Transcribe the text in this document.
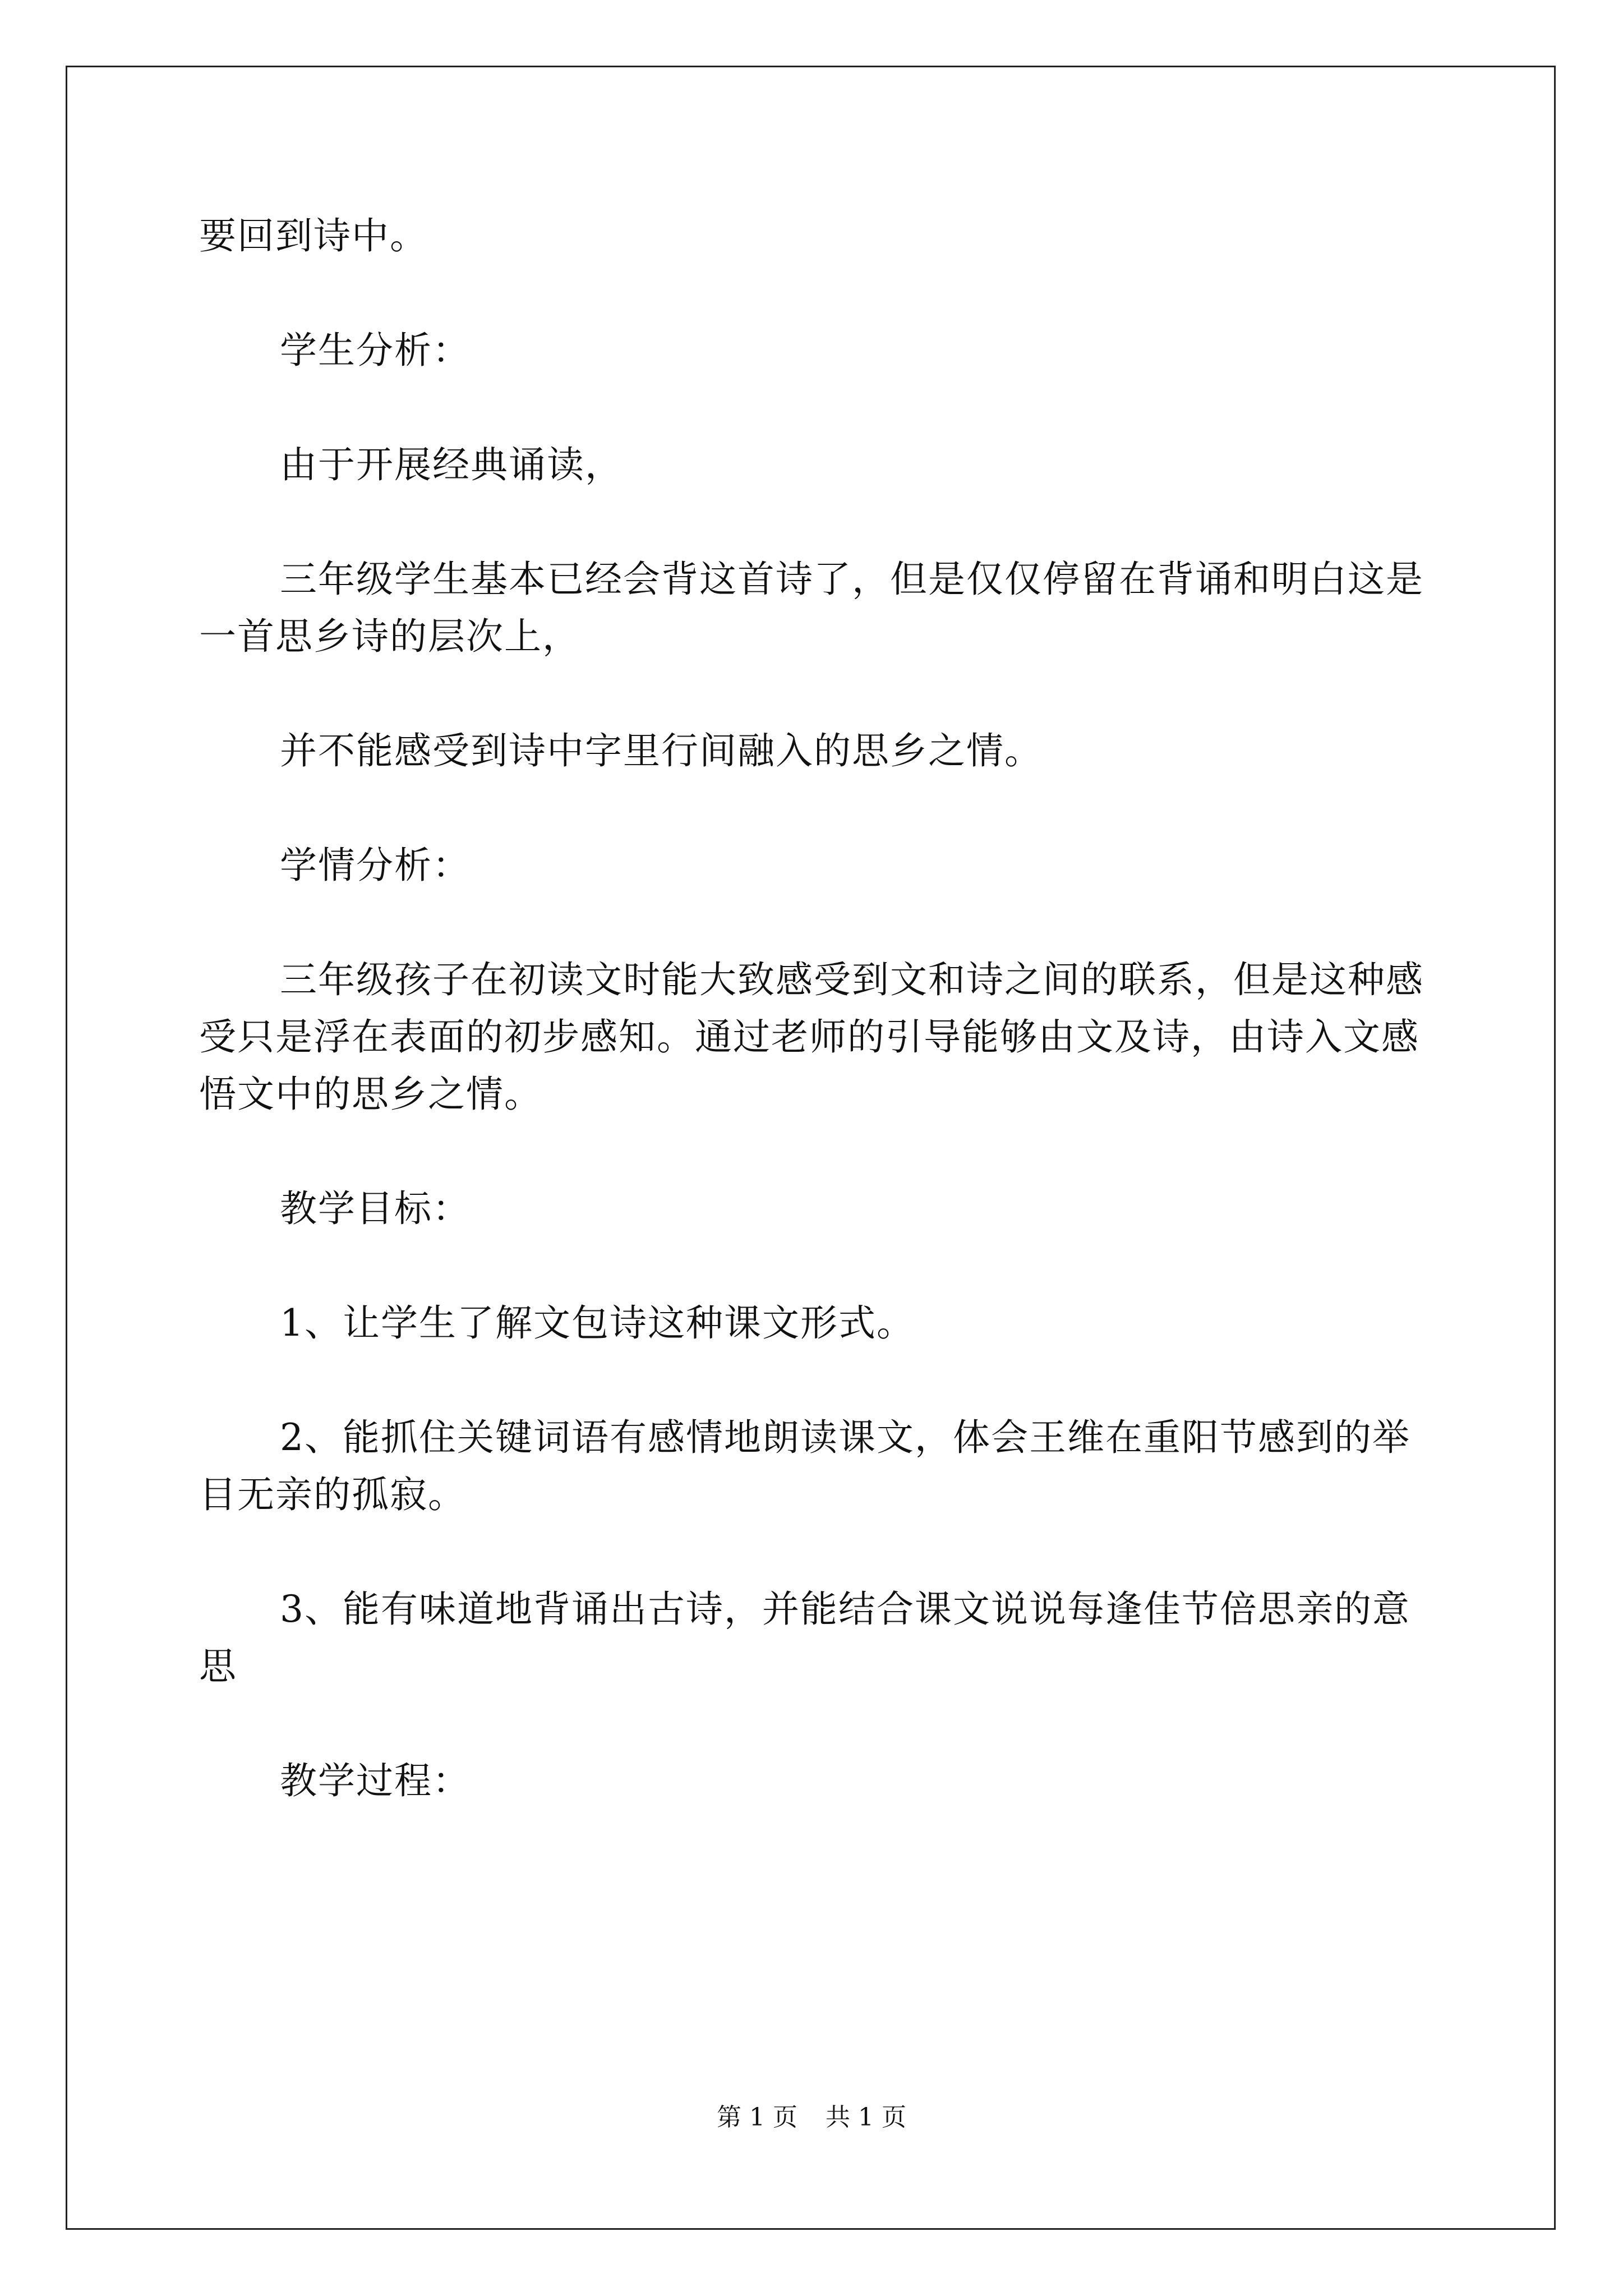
要回到诗中。

学生分析：

由于开展经典诵读，

三年级学生基本已经会背这首诗了，但是仅仅停留在背诵和明白这是一首思乡诗的层次上，

并不能感受到诗中字里行间融入的思乡之情。

学情分析：

三年级孩子在初读文时能大致感受到文和诗之间的联系，但是这种感受只是浮在表面的初步感知。通过老师的引导能够由文及诗，由诗入文感悟文中的思乡之情。

教学目标：

1、让学生了解文包诗这种课文形式。

2、能抓住关键词语有感情地朗读课文，体会王维在重阳节感到的举目无亲的孤寂。

3、能有味道地背诵出古诗，并能结合课文说说每逢佳节倍思亲的意思

教学过程：

第 1 页 共 1 页
